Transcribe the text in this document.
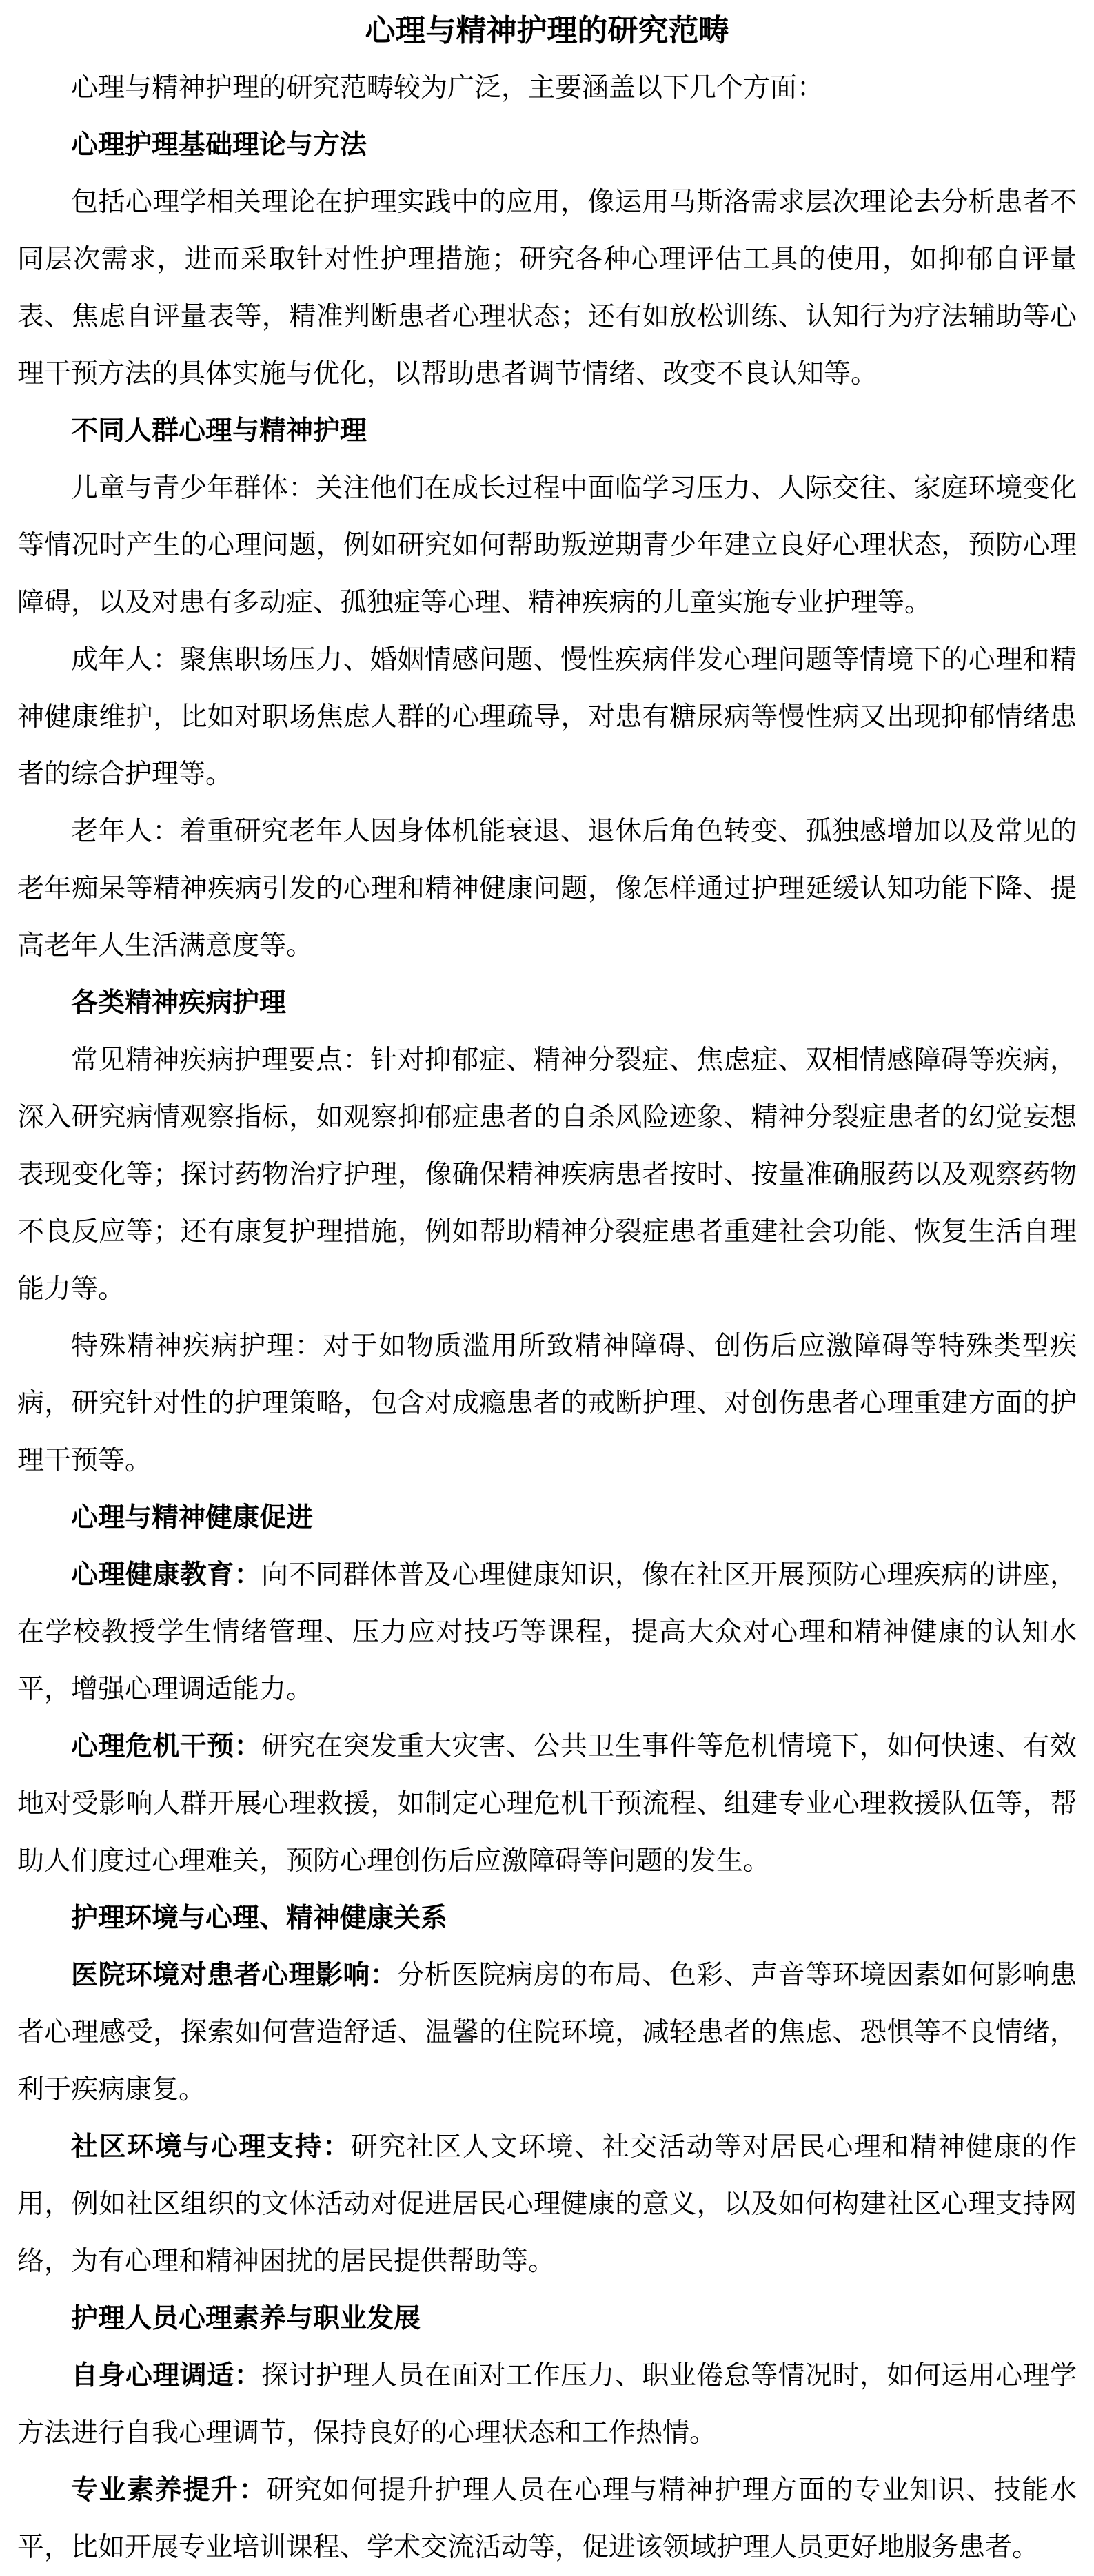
心理与精神护理的研究范畴

心理与精神护理的研究范畴较为广泛，主要涵盖以下几个方面：

心理护理基础理论与方法

包括心理学相关理论在护理实践中的应用，像运用马斯洛需求层次理论去分析患者不同层次需求，进而采取针对性护理措施；研究各种心理评估工具的使用，如抑郁自评量表、焦虑自评量表等，精准判断患者心理状态；还有如放松训练、认知行为疗法辅助等心理干预方法的具体实施与优化，以帮助患者调节情绪、改变不良认知等。

不同人群心理与精神护理

儿童与青少年群体：关注他们在成长过程中面临学习压力、人际交往、家庭环境变化等情况时产生的心理问题，例如研究如何帮助叛逆期青少年建立良好心理状态，预防心理障碍，以及对患有多动症、孤独症等心理、精神疾病的儿童实施专业护理等。

成年人：聚焦职场压力、婚姻情感问题、慢性疾病伴发心理问题等情境下的心理和精神健康维护，比如对职场焦虑人群的心理疏导，对患有糖尿病等慢性病又出现抑郁情绪患者的综合护理等。

老年人：着重研究老年人因身体机能衰退、退休后角色转变、孤独感增加以及常见的老年痴呆等精神疾病引发的心理和精神健康问题，像怎样通过护理延缓认知功能下降、提高老年人生活满意度等。

各类精神疾病护理

常见精神疾病护理要点：针对抑郁症、精神分裂症、焦虑症、双相情感障碍等疾病，深入研究病情观察指标，如观察抑郁症患者的自杀风险迹象、精神分裂症患者的幻觉妄想表现变化等；探讨药物治疗护理，像确保精神疾病患者按时、按量准确服药以及观察药物不良反应等；还有康复护理措施，例如帮助精神分裂症患者重建社会功能、恢复生活自理能力等。

特殊精神疾病护理：对于如物质滥用所致精神障碍、创伤后应激障碍等特殊类型疾病，研究针对性的护理策略，包含对成瘾患者的戒断护理、对创伤患者心理重建方面的护理干预等。

心理与精神健康促进

心理健康教育：向不同群体普及心理健康知识，像在社区开展预防心理疾病的讲座，在学校教授学生情绪管理、压力应对技巧等课程，提高大众对心理和精神健康的认知水平，增强心理调适能力。

心理危机干预：研究在突发重大灾害、公共卫生事件等危机情境下，如何快速、有效地对受影响人群开展心理救援，如制定心理危机干预流程、组建专业心理救援队伍等，帮助人们度过心理难关，预防心理创伤后应激障碍等问题的发生。

护理环境与心理、精神健康关系

医院环境对患者心理影响：分析医院病房的布局、色彩、声音等环境因素如何影响患者心理感受，探索如何营造舒适、温馨的住院环境，减轻患者的焦虑、恐惧等不良情绪，利于疾病康复。

社区环境与心理支持：研究社区人文环境、社交活动等对居民心理和精神健康的作用，例如社区组织的文体活动对促进居民心理健康的意义，以及如何构建社区心理支持网络，为有心理和精神困扰的居民提供帮助等。

护理人员心理素养与职业发展

自身心理调适：探讨护理人员在面对工作压力、职业倦怠等情况时，如何运用心理学方法进行自我心理调节，保持良好的心理状态和工作热情。

专业素养提升：研究如何提升护理人员在心理与精神护理方面的专业知识、技能水平，比如开展专业培训课程、学术交流活动等，促进该领域护理人员更好地服务患者。
